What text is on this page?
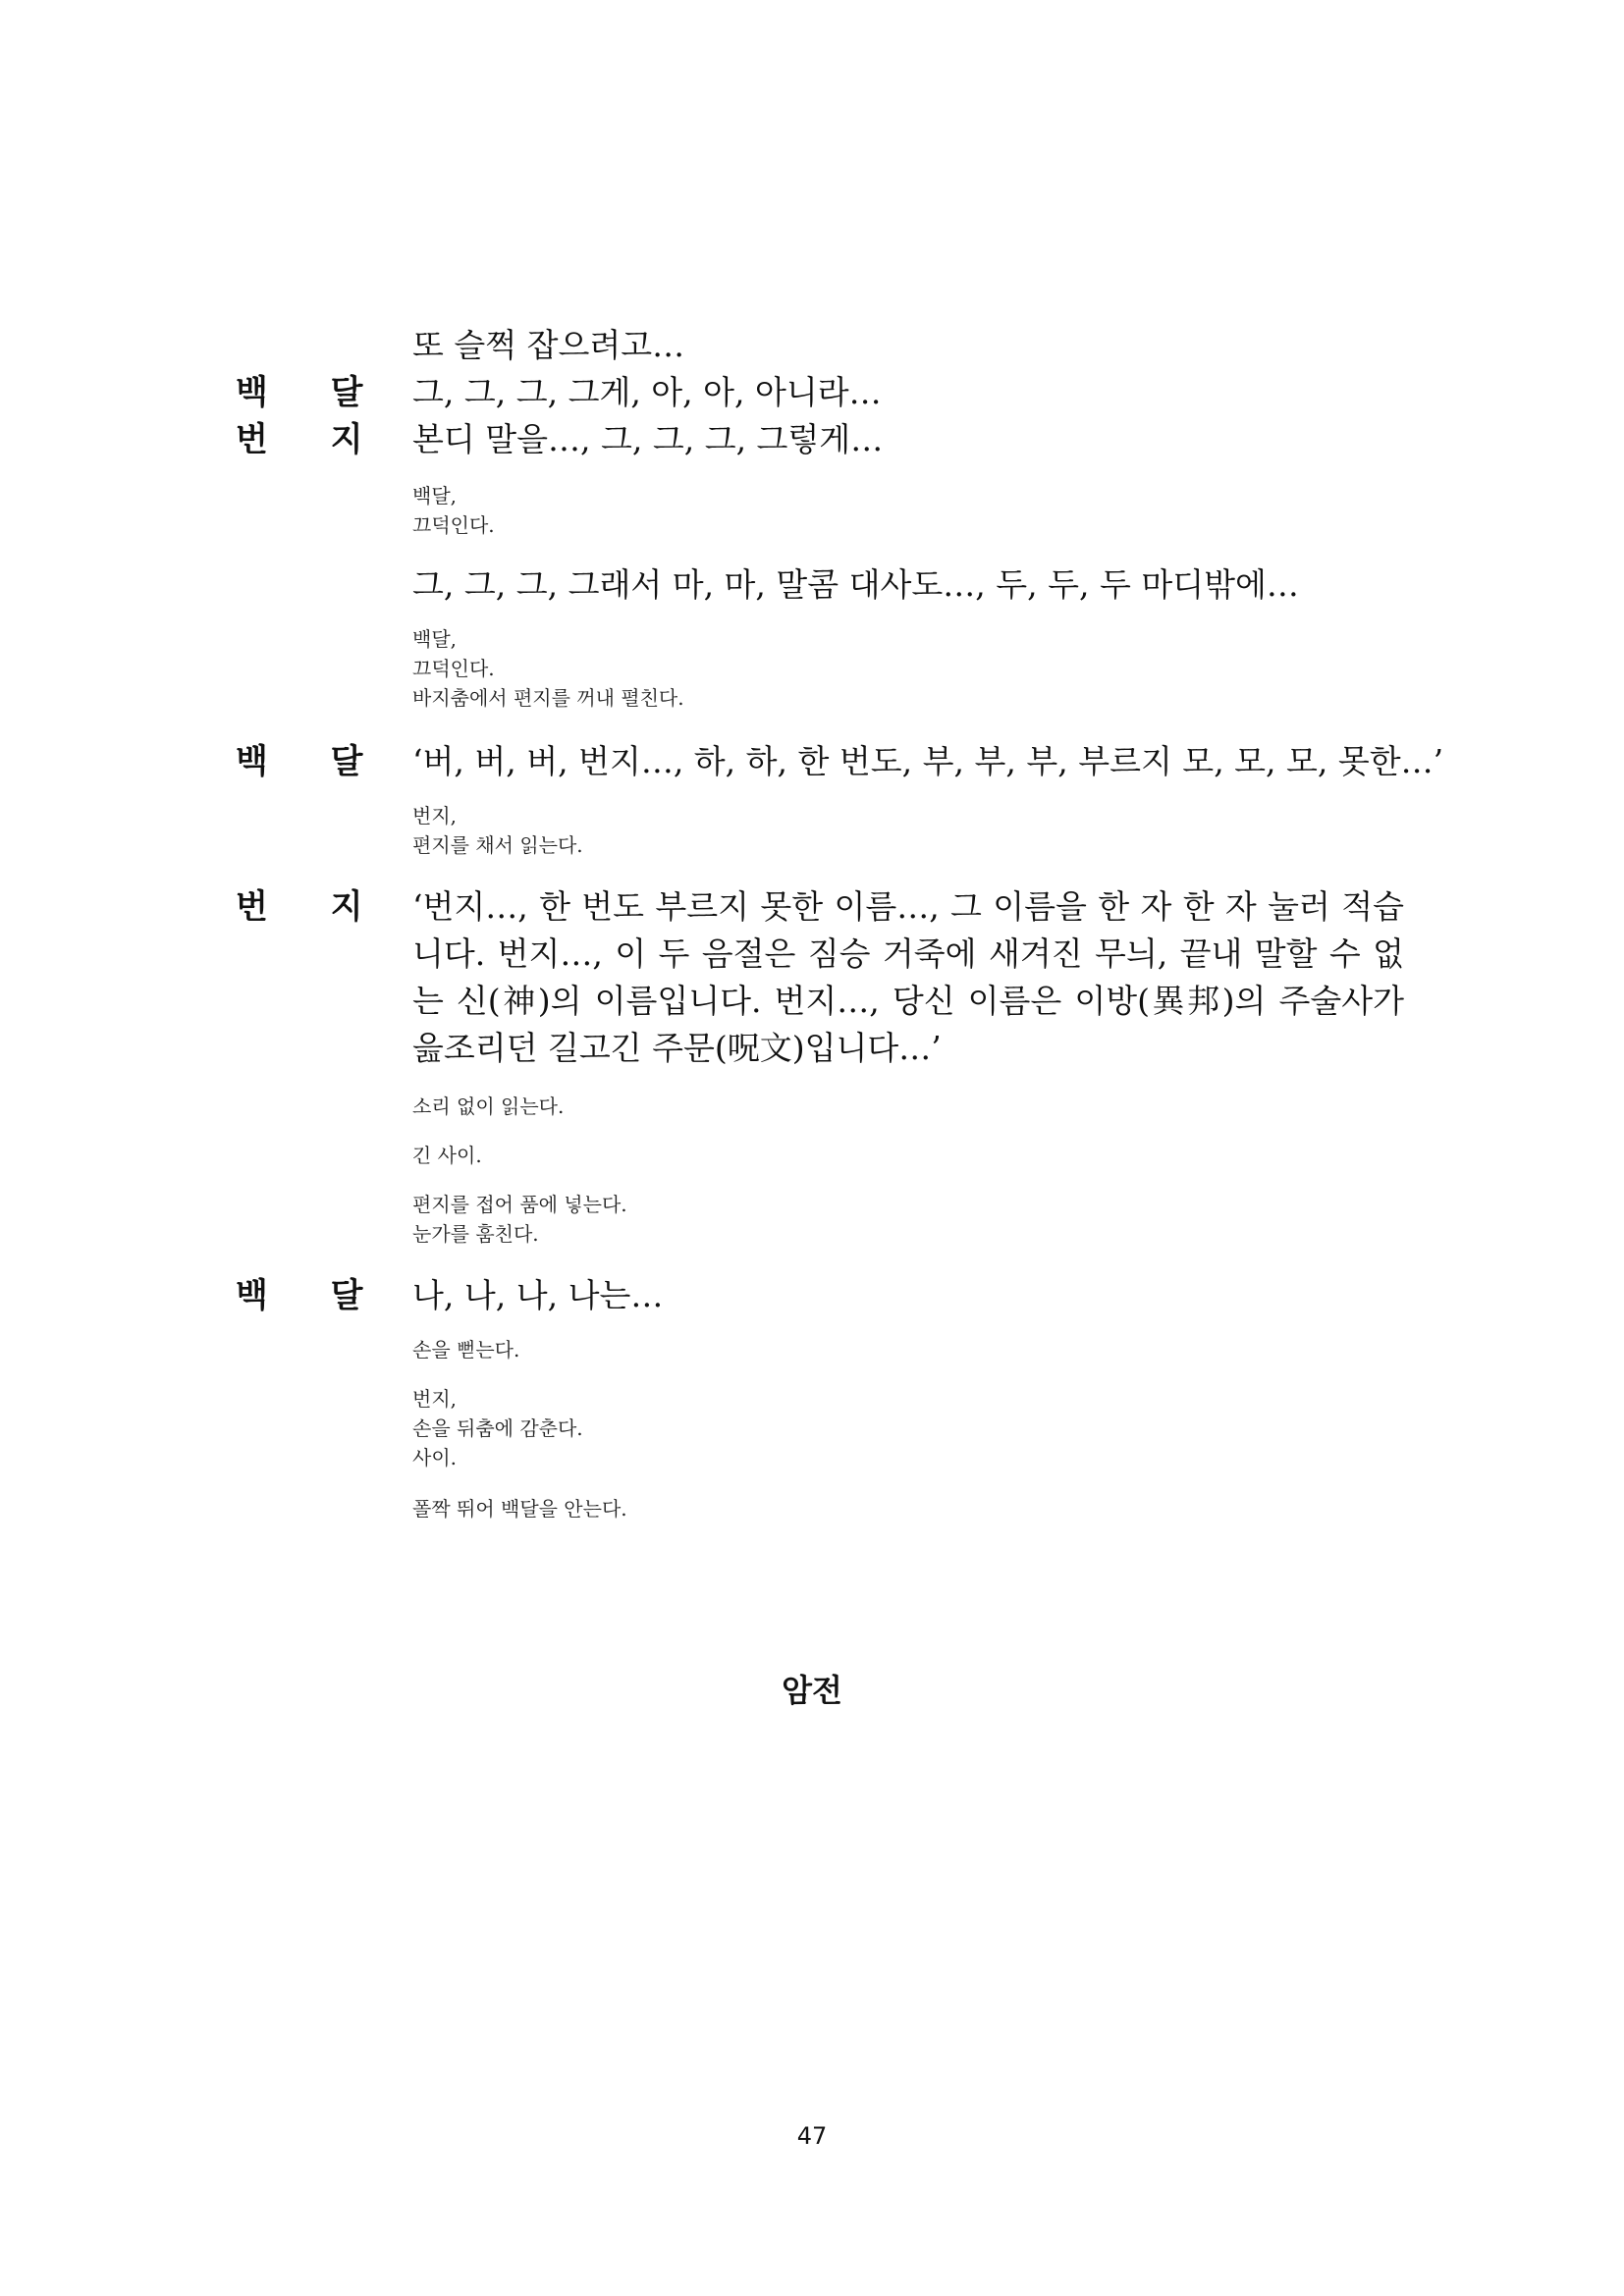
또 슬쩍 잡으려고…
백 달 그, 그, 그, 그게, 아, 아, 아니라…
번 지 본디 말을…, 그, 그, 그, 그렇게…
백달,
끄덕인다.
그, 그, 그, 그래서 마, 마, 말콤 대사도…, 두, 두, 두 마디밖에…
백달,
끄덕인다.
바지춤에서 편지를 꺼내 펼친다.
백 달 ‘버, 버, 버, 번지…, 하, 하, 한 번도, 부, 부, 부, 부르지 모, 모, 모, 못한…’
번지,
편지를 채서 읽는다.
번 지 ‘번지…, 한 번도 부르지 못한 이름…, 그 이름을 한 자 한 자 눌러 적습니다. 번지…, 이 두 음절은 짐승 거죽에 새겨진 무늬, 끝내 말할 수 없는 신(神)의 이름입니다. 번지…, 당신 이름은 이방(異邦)의 주술사가 읊조리던 길고긴 주문(呪文)입니다…’
소리 없이 읽는다.
긴 사이.
편지를 접어 품에 넣는다.
눈가를 훔친다.
백 달 나, 나, 나, 나는…
손을 뻗는다.
번지,
손을 뒤춤에 감춘다.
사이.
폴짝 뛰어 백달을 안는다.
암전
47
